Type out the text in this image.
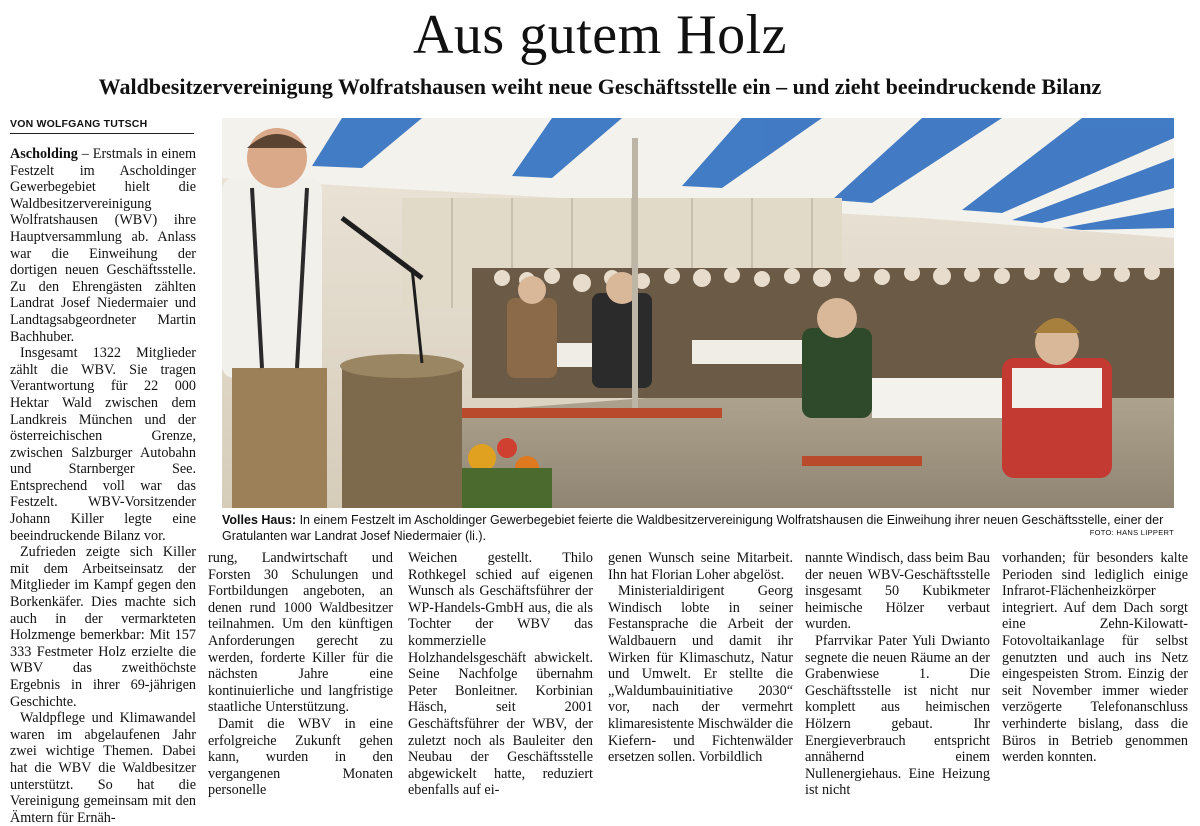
Aus gutem Holz
Waldbesitzervereinigung Wolfratshausen weiht neue Geschäftsstelle ein – und zieht beeindruckende Bilanz
VON WOLFGANG TUTSCH

Ascholding – Erstmals in einem Festzelt im Ascholdinger Gewerbegebiet hielt die Waldbesitzervereinigung Wolfratshausen (WBV) ihre Hauptversammlung ab. Anlass war die Einweihung der dortigen neuen Geschäftsstelle. Zu den Ehrengästen zählten Landrat Josef Niedermaier und Landtagsabgeordneter Martin Bachhuber.

Insgesamt 1322 Mitglieder zählt die WBV. Sie tragen Verantwortung für 22 000 Hektar Wald zwischen dem Landkreis München und der österreichischen Grenze, zwischen Salzburger Autobahn und Starnberger See. Entsprechend voll war das Festzelt. WBV-Vorsitzender Johann Killer legte eine beeindruckende Bilanz vor.

Zufrieden zeigte sich Killer mit dem Arbeitseinsatz der Mitglieder im Kampf gegen den Borkenkäfer. Dies machte sich auch in der vermarkteten Holzmenge bemerkbar: Mit 157 333 Festmeter Holz erzielte die WBV das zweithöchste Ergebnis in ihrer 69-jährigen Geschichte.

Waldpflege und Klimawandel waren im abgelaufenen Jahr zwei wichtige Themen. Dabei hat die WBV die Waldbesitzer unterstützt. So hat die Vereinigung gemeinsam mit den Ämtern für Ernäh-

Volles Haus: In einem Festzelt im Ascholdinger Gewerbegebiet feierte die Waldbesitzervereinigung Wolfratshausen die Einweihung ihrer neuen Geschäftsstelle, einer der Gratulanten war Landrat Josef Niedermaier (li.).	FOTO: HANS LIPPERT

rung, Landwirtschaft und Forsten 30 Schulungen und Fortbildungen angeboten, an denen rund 1000 Waldbesitzer teilnahmen. Um den künftigen Anforderungen gerecht zu werden, forderte Killer für die nächsten Jahre eine kontinuierliche und langfristige staatliche Unterstützung.

Damit die WBV in eine erfolgreiche Zukunft gehen kann, wurden in den vergangenen Monaten personelle

Weichen gestellt. Thilo Rothkegel schied auf eigenen Wunsch als Geschäftsführer der WP-Handels-GmbH aus, die als Tochter der WBV das kommerzielle Holzhandelsgeschäft abwickelt. Seine Nachfolge übernahm Peter Bonleitner. Korbinian Häsch, seit 2001 Geschäftsführer der WBV, der zuletzt noch als Bauleiter den Neubau der Geschäftsstelle abgewickelt hatte, reduziert ebenfalls auf ei-

genen Wunsch seine Mitarbeit. Ihn hat Florian Loher abgelöst.

Ministerialdirigent Georg Windisch lobte in seiner Festansprache die Arbeit der Waldbauern und damit ihr Wirken für Klimaschutz, Natur und Umwelt. Er stellte die „Waldumbauinitiative 2030“ vor, nach der vermehrt klimaresistente Mischwälder die Kiefern- und Fichtenwälder ersetzen sollen. Vorbildlich

nannte Windisch, dass beim Bau der neuen WBV-Geschäftsstelle insgesamt 50 Kubikmeter heimische Hölzer verbaut wurden.

Pfarrvikar Pater Yuli Dwianto segnete die neuen Räume an der Grabenwiese 1. Die Geschäftsstelle ist nicht nur komplett aus heimischen Hölzern gebaut. Ihr Energieverbrauch entspricht annähernd einem Nullenergiehaus. Eine Heizung ist nicht

vorhanden; für besonders kalte Perioden sind lediglich einige Infrarot-Flächenheizkörper integriert. Auf dem Dach sorgt eine Zehn-Kilowatt-Fotovoltaikanlage für selbst genutzten und auch ins Netz eingespeisten Strom. Einzig der seit November immer wieder verzögerte Telefonanschluss verhinderte bislang, dass die Büros in Betrieb genommen werden konnten.
